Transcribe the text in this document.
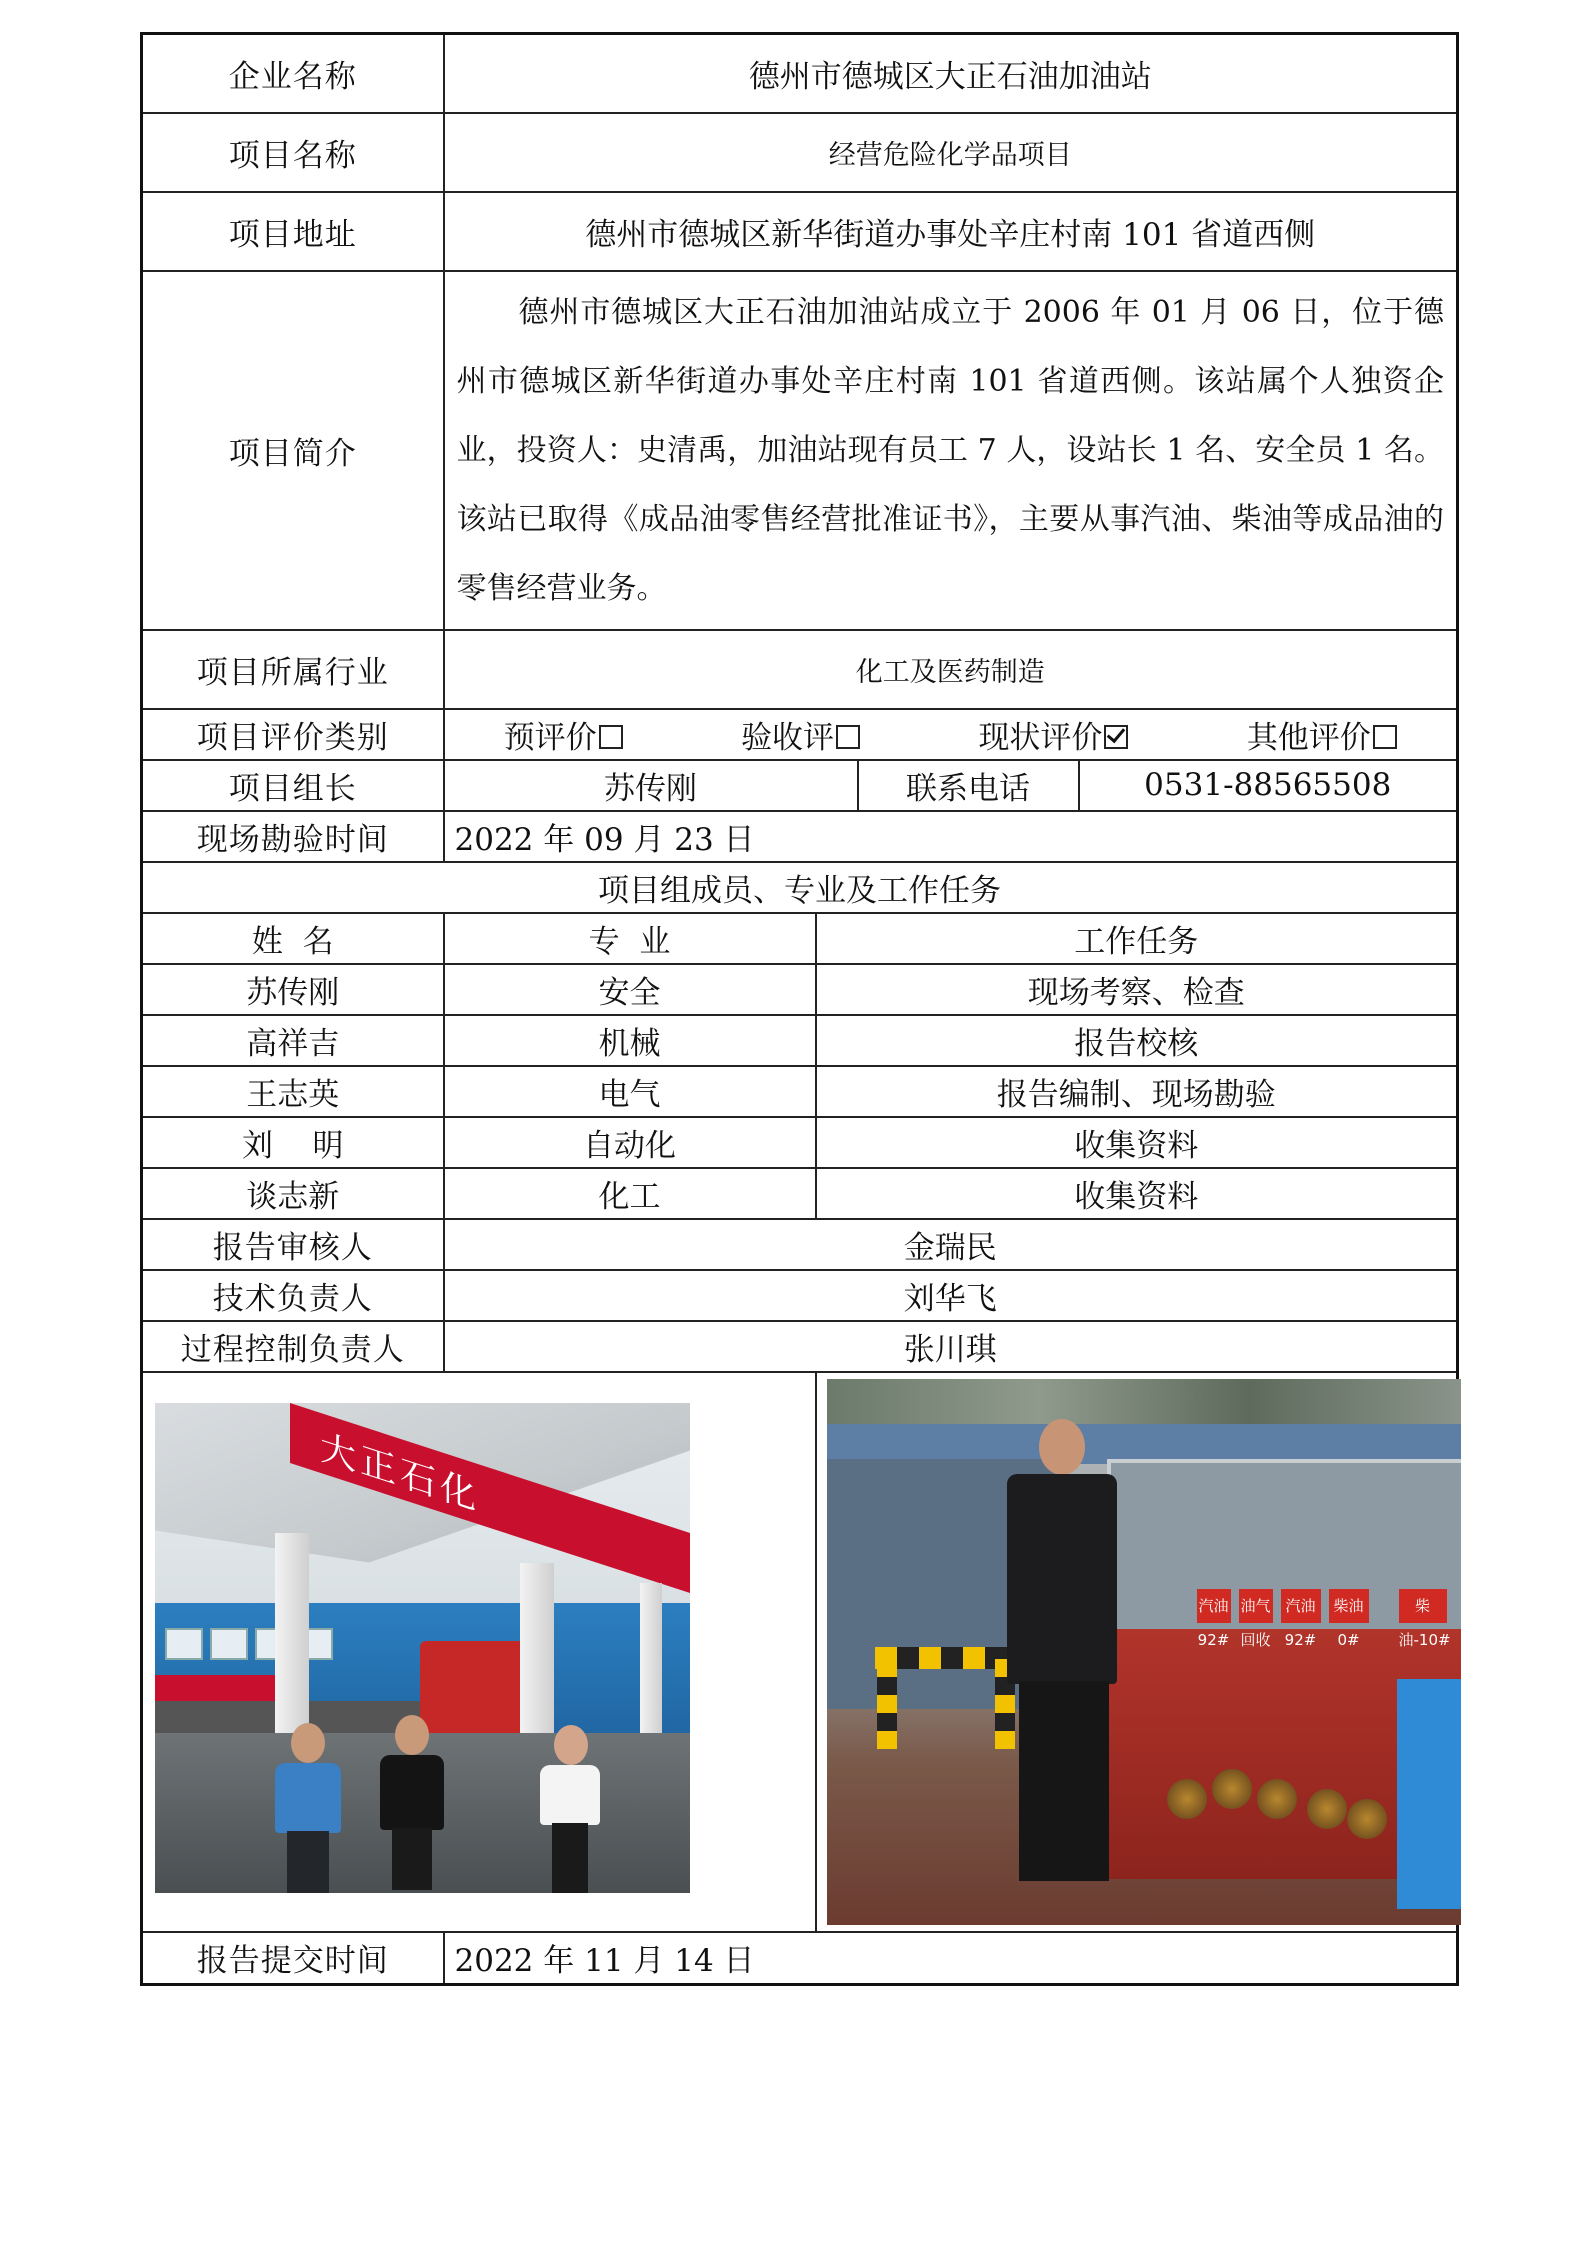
企业名称	德州市德城区大正石油加油站			
项目名称	经营危险化学品项目			
项目地址	德州市德城区新华街道办事处辛庄村南 101 省道西侧			
项目简介	德州市德城区大正石油加油站成立于 2006 年 01 月 06 日，位于德州市德城区新华街道办事处辛庄村南 101 省道西侧。该站属个人独资企业，投资人：史清禹，加油站现有员工 7 人，设站长 1 名、安全员 1 名。该站已取得《成品油零售经营批准证书》，主要从事汽油、柴油等成品油的零售经营业务。			
项目所属行业	化工及医药制造			
项目评价类别	预评价 验收评 现状评价 其他评价			

项目组长	苏传刚		联系电话	0531-88565508
现场勘验时间	2022 年 09 月 23 日			
项目组成员、专业及工作任务				
姓  名	专  业	工作任务		
苏传刚	安全	现场考察、检查		
高祥吉	机械	报告校核		
王志英	电气	报告编制、现场勘验		
刘    明	自动化	收集资料		
谈志新	化工	收集资料		
报告审核人	金瑞民			
技术负责人	刘华飞			
过程控制负责人	张川琪			

大正石化		汽油92#
油气回收
汽油92#
柴油0#
柴油-10#		

报告提交时间	2022 年 11 月 14 日			
